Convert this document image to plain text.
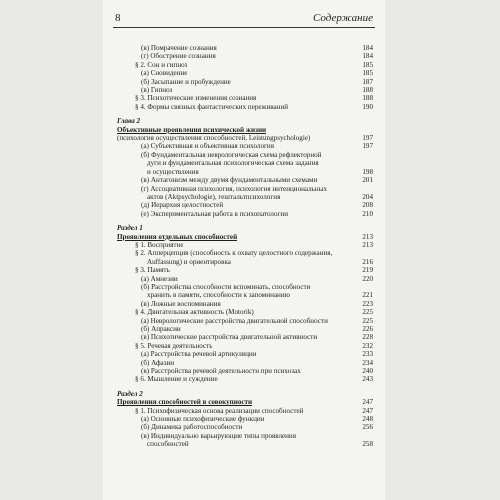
8	Содержание
(в) Помрачение сознания	184
(г) Обострение сознания	184
§ 2. Сон и гипноз	185
(а) Сновидение	185
(б) Засыпание и пробуждение	187
(в) Гипноз	188
§ 3. Психотические изменения сознания	188
§ 4. Формы связных фантастических переживаний	190
Глава 2
Объективные проявления психической жизни
(психология осуществления способностей, Leistungpsychologie)	197
(а) Субъективная и объективная психология	197
(б) Фундаментальная неврологическая схема рефлекторной
дуги и фундаментальная психологическая схема задания
и осуществления	198
(в) Антагонизм между двумя фундаментальными схемами	201
(г) Ассоциативная психология, психология интенциональных
актов (Aktpsychologie), гештальтпсихология	204
(д) Иерархия целостностей	208
(е) Экспериментальная работа в психопатологии	210
Раздел 1
Проявления отдельных способностей	213
§ 1. Восприятие	213
§ 2. Апперцепция (способность к охвату целостного содержания,
Auffassung) и ориентировка	216
§ 3. Память	219
(а) Амнезии	220
(б) Расстройства способности вспоминать, способности
хранить в памяти, способности к запоминанию	221
(в) Ложные воспоминания	223
§ 4. Двигательная активность (Motorik)	225
(а) Неврологические расстройства двигательной способности	225
(б) Апраксии	226
(в) Психотические расстройства двигательной активности	228
§ 5. Речевая деятельность	232
(а) Расстройства речевой артикуляции	233
(б) Афазии	234
(в) Расстройства речевой деятельности при психозах	240
§ 6. Мышление и суждение	243
Раздел 2
Проявления способностей в совокупности	247
§ 1. Психофизическая основа реализации способностей	247
(а) Основные психофизические функции	248
(б) Динамика работоспособности	256
(в) Индивидуально варьирующие типы проявления
способностей	258
